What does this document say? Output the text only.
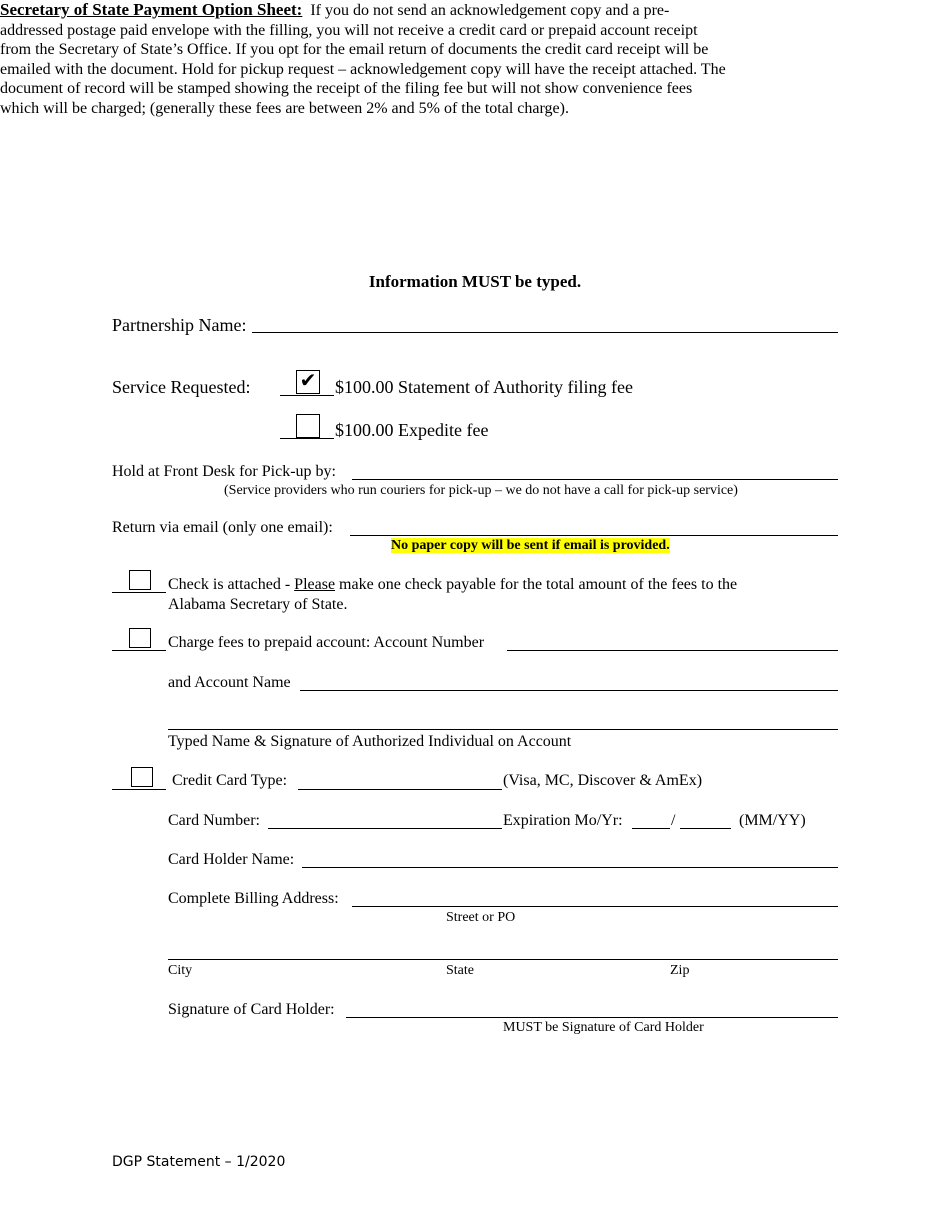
Secretary of State Payment Option Sheet: If you do not send an acknowledgement copy and a pre-addressed postage paid envelope with the filling, you will not receive a credit card or prepaid account receipt from the Secretary of State’s Office. If you opt for the email return of documents the credit card receipt will be emailed with the document. Hold for pickup request – acknowledgement copy will have the receipt attached. The document of record will be stamped showing the receipt of the filing fee but will not show convenience fees which will be charged; (generally these fees are between 2% and 5% of the total charge).
Information MUST be typed.
Partnership Name:
Service Requested: ✔ $100.00 Statement of Authority filing fee
$100.00 Expedite fee
Hold at Front Desk for Pick-up by:
(Service providers who run couriers for pick-up – we do not have a call for pick-up service)
Return via email (only one email):
No paper copy will be sent if email is provided.
Check is attached - Please make one check payable for the total amount of the fees to the
Alabama Secretary of State.
Charge fees to prepaid account: Account Number
and Account Name
Typed Name & Signature of Authorized Individual on Account
Credit Card Type:	(Visa, MC, Discover & AmEx)
Card Number:	Expiration Mo/Yr:	/	(MM/YY)
Card Holder Name:
Complete Billing Address:
Street or PO
City	State	Zip
Signature of Card Holder:
MUST be Signature of Card Holder
DGP Statement – 1/2020
